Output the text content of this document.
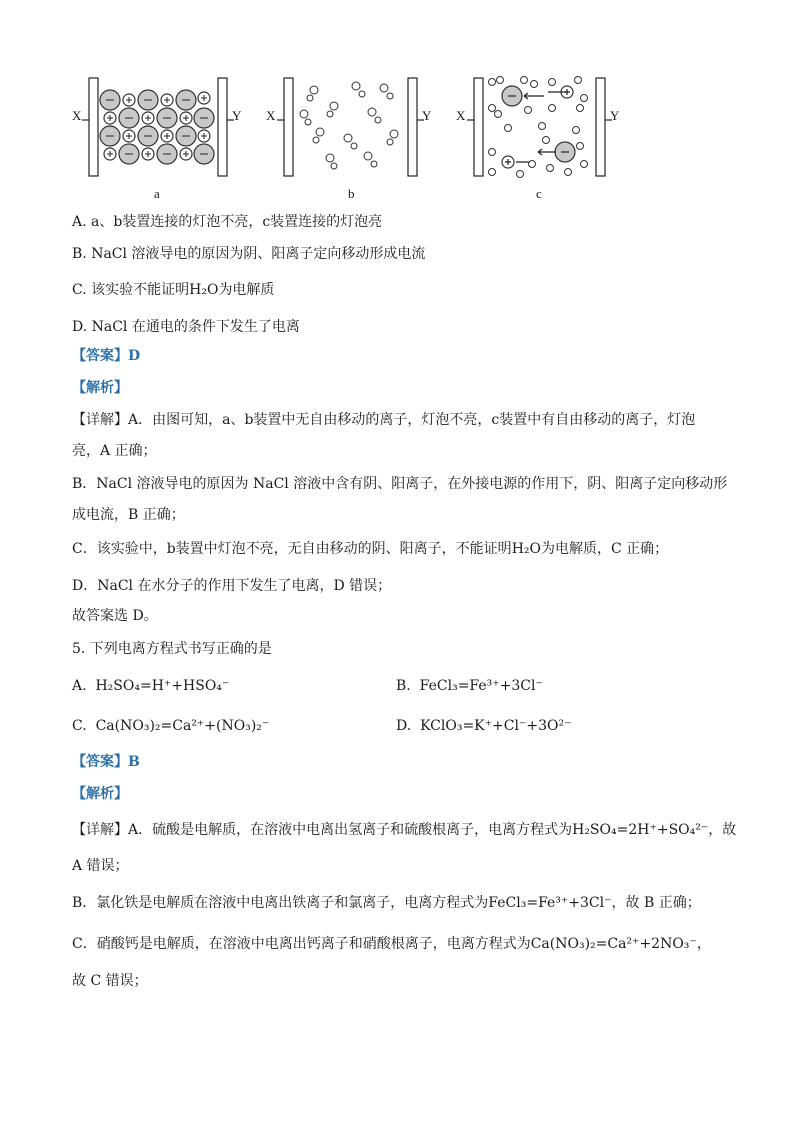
X	Y X	Y X	Y
a	b	c
A. a、b装置连接的灯泡不亮，c装置连接的灯泡亮
B. NaCl 溶液导电的原因为阴、阳离子定向移动形成电流
C. 该实验不能证明H₂O为电解质
D. NaCl 在通电的条件下发生了电离
【答案】D
【解析】
【详解】A．由图可知，a、b装置中无自由移动的离子，灯泡不亮，c装置中有自由移动的离子，灯泡
亮，A 正确；
B．NaCl 溶液导电的原因为 NaCl 溶液中含有阴、阳离子，在外接电源的作用下，阴、阳离子定向移动形
成电流，B 正确；
C．该实验中，b装置中灯泡不亮，无自由移动的阴、阳离子，不能证明H₂O为电解质，C 正确；
D．NaCl 在水分子的作用下发生了电离，D 错误；
故答案选 D。
5. 下列电离方程式书写正确的是
A. H₂SO₄=H⁺+HSO₄⁻	B. FeCl₃=Fe³⁺+3Cl⁻
C. Ca(NO₃)₂=Ca²⁺+(NO₃)₂⁻	D. KClO₃=K⁺+Cl⁻+3O²⁻
【答案】B
【解析】
【详解】A．硫酸是电解质，在溶液中电离出氢离子和硫酸根离子，电离方程式为H₂SO₄=2H⁺+SO₄²⁻，故
A 错误；
B．氯化铁是电解质在溶液中电离出铁离子和氯离子，电离方程式为FeCl₃=Fe³⁺+3Cl⁻，故 B 正确；
C．硝酸钙是电解质，在溶液中电离出钙离子和硝酸根离子，电离方程式为Ca(NO₃)₂=Ca²⁺+2NO₃⁻，
故 C 错误；
